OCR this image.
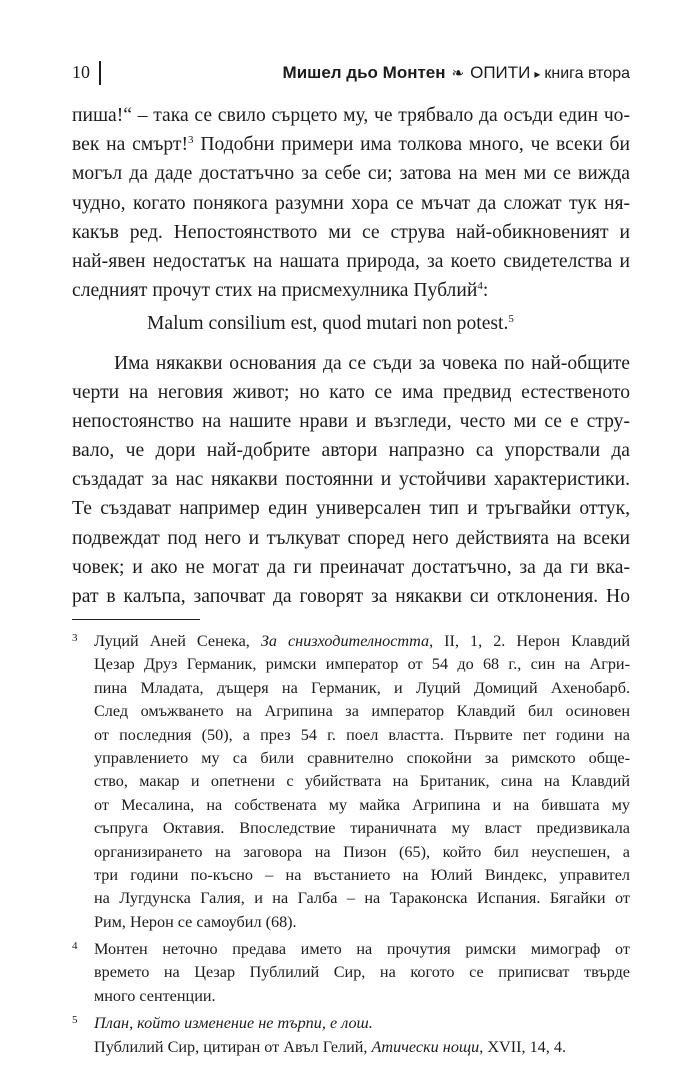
10	Мишел дьо Монтен ❧ ОПИТИ ▸ книга втора
пиша!“ – така се свило сърцето му, че трябвало да осъди един чо-
век на смърт!$^3$ Подобни примери има толкова много, че всеки би
могъл да даде достатъчно за себе си; затова на мен ми се вижда
чудно, когато понякога разумни хора се мъчат да сложат тук ня-
какъв ред. Непостоянството ми се струва най-обикновеният и
най-явен недостатък на нашата природа, за което свидетелства и
следният прочут стих на присмехулника Публий$^4$:
Malum consilium est, quod mutari non potest.$^5$
Има някакви основания да се съди за човека по най-общите
черти на неговия живот; но като се има предвид естественото
непостоянство на нашите нрави и възгледи, често ми се е стру-
вало, че дори най-добрите автори напразно са упорствали да
създадат за нас някакви постоянни и устойчиви характеристики.
Те създават например един универсален тип и тръгвайки оттук,
подвеждат под него и тълкуват според него действията на всеки
човек; и ако не могат да ги преиначат достатъчно, за да ги вка-
рат в калъпа, започват да говорят за някакви си отклонения. Но
3 Луций Аней Сенека, За снизходителността, II, 1, 2. Нерон Клавдий
Цезар Друз Германик, римски император от 54 до 68 г., син на Агри-
пина Младата, дъщеря на Германик, и Луций Домиций Ахенобарб.
След омъжването на Агрипина за император Клавдий бил осиновен
от последния (50), а през 54 г. поел властта. Първите пет години на
управлението му са били сравнително спокойни за римското обще-
ство, макар и опетнени с убийствата на Британик, сина на Клавдий
от Месалина, на собствената му майка Агрипина и на бившата му
съпруга Октавия. Впоследствие тираничната му власт предизвикала
организирането на заговора на Пизон (65), който бил неуспешен, а
три години по-късно – на въстанието на Юлий Виндекс, управител
на Лугдунска Галия, и на Галба – на Тараконска Испания. Бягайки от
Рим, Нерон се самоубил (68).
4 Монтен неточно предава името на прочутия римски мимограф от
времето на Цезар Публилий Сир, на когото се приписват твърде
много сентенции.
5 План, който изменение не търпи, е лош.
Публилий Сир, цитиран от Авъл Гелий, Атически нощи, XVII, 14, 4.
